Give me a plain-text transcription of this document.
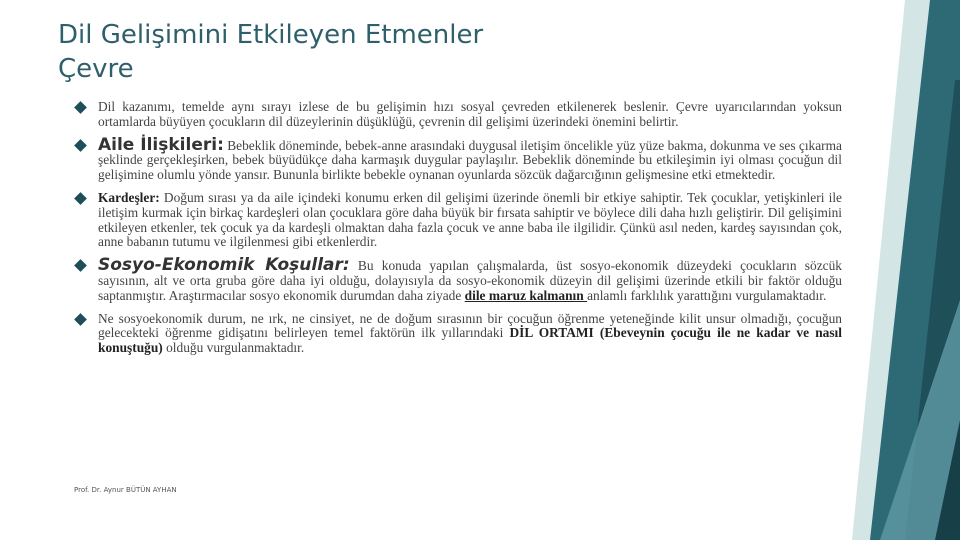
Dil Gelişimini Etkileyen Etmenler
Çevre
Dil kazanımı, temelde aynı sırayı izlese de bu gelişimin hızı sosyal çevreden etkilenerek beslenir. Çevre uyarıcılarından yoksun ortamlarda büyüyen çocukların dil düzeylerinin düşüklüğü, çevrenin dil gelişimi üzerindeki önemini belirtir.
Aile İlişkileri: Bebeklik döneminde, bebek-anne arasındaki duygusal iletişim öncelikle yüz yüze bakma, dokunma ve ses çıkarma şeklinde gerçekleşirken, bebek büyüdükçe daha karmaşık duygular paylaşılır. Bebeklik döneminde bu etkileşimin iyi olması çocuğun dil gelişimine olumlu yönde yansır. Bununla birlikte bebekle oynanan oyunlarda sözcük dağarcığının gelişmesine etki etmektedir.
Kardeşler: Doğum sırası ya da aile içindeki konumu erken dil gelişimi üzerinde önemli bir etkiye sahiptir. Tek çocuklar, yetişkinleri ile iletişim kurmak için birkaç kardeşleri olan çocuklara göre daha büyük bir fırsata sahiptir ve böylece dili daha hızlı geliştirir. Dil gelişimini etkileyen etkenler, tek çocuk ya da kardeşli olmaktan daha fazla çocuk ve anne baba ile ilgilidir. Çünkü asıl neden, kardeş sayısından çok, anne babanın tutumu ve ilgilenmesi gibi etkenlerdir.
Sosyo-Ekonomik Koşullar: Bu konuda yapılan çalışmalarda, üst sosyo-ekonomik düzeydeki çocukların sözcük sayısının, alt ve orta gruba göre daha iyi olduğu, dolayısıyla da sosyo-ekonomik düzeyin dil gelişimi üzerinde etkili bir faktör olduğu saptanmıştır. Araştırmacılar sosyo ekonomik durumdan daha ziyade dile maruz kalmanın anlamlı farklılık yarattığını vurgulamaktadır.
Ne sosyoekonomik durum, ne ırk, ne cinsiyet, ne de doğum sırasının bir çocuğun öğrenme yeteneğinde kilit unsur olmadığı, çocuğun gelecekteki öğrenme gidişatını belirleyen temel faktörün ilk yıllarındaki DİL ORTAMI (Ebeveynin çocuğu ile ne kadar ve nasıl konuştuğu) olduğu vurgulanmaktadır.
Prof. Dr. Aynur BÜTÜN AYHAN
